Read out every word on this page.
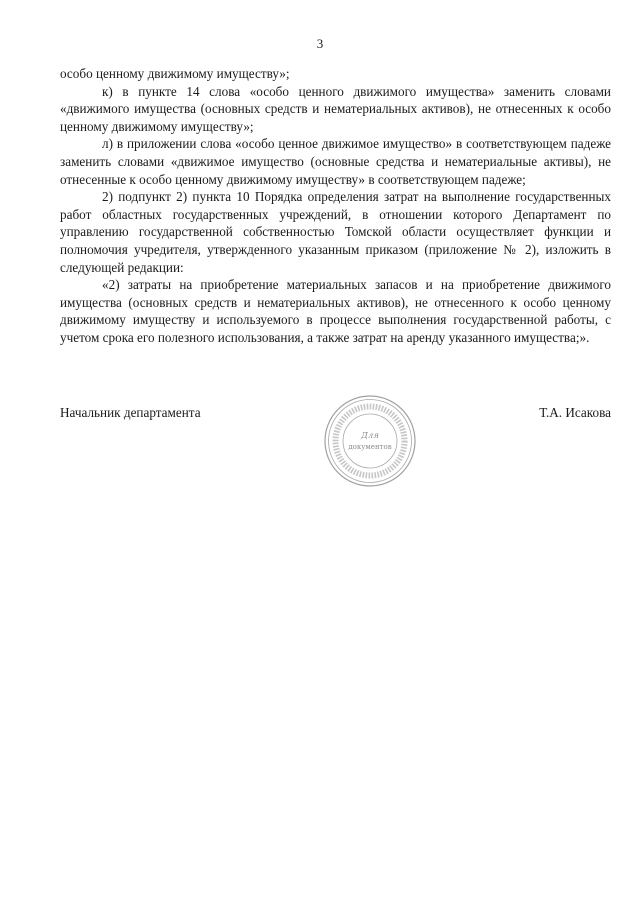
3

особо ценному движимому имуществу»;

к) в пункте 14 слова «особо ценного движимого имущества» заменить словами «движимого имущества (основных средств и нематериальных активов), не отнесенных к особо ценному движимому имуществу»;

л) в приложении слова «особо ценное движимое имущество» в соответствующем падеже заменить словами «движимое имущество (основные средства и нематериальные активы), не отнесенные к особо ценному движимому имуществу» в соответствующем падеже;

2) подпункт 2) пункта 10 Порядка определения затрат на выполнение государственных работ областных государственных учреждений, в отношении которого Департамент по управлению государственной собственностью Томской области осуществляет функции и полномочия учредителя, утвержденного указанным приказом (приложение № 2), изложить в следующей редакции:

«2) затраты на приобретение материальных запасов и на приобретение движимого имущества (основных средств и нематериальных активов), не отнесенного к особо ценному движимому имуществу и используемого в процессе выполнения государственной работы, с учетом срока его полезного использования, а также затрат на аренду указанного имущества;».

Начальник департамента	Т.А. Исакова
Для
документов
